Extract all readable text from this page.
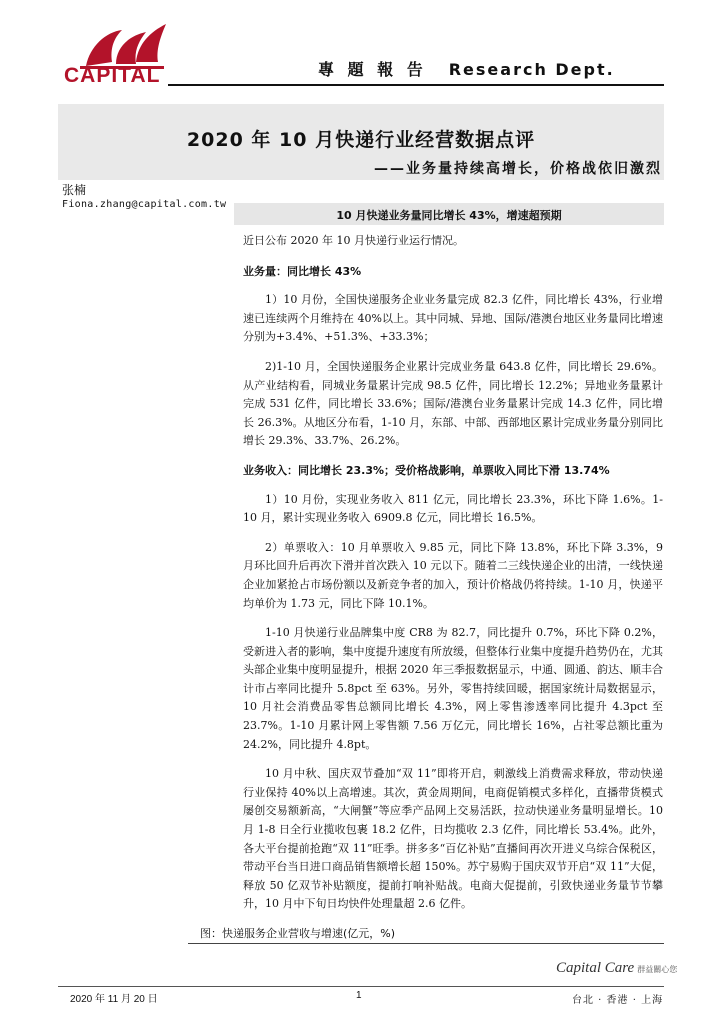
CAPITAL	專 題 報 告 Research Dept.
2020 年 10 月快递行业经营数据点评
——业务量持续高增长，价格战依旧激烈
张楠
Fiona.zhang@capital.com.tw
10 月快递业务量同比增长 43%，增速超预期

近日公布 2020 年 10 月快递行业运行情况。

业务量：同比增长 43%

1）10 月份，全国快递服务企业业务量完成 82.3 亿件，同比增长 43%，行业增速已连续两个月维持在 40%以上。其中同城、异地、国际/港澳台地区业务量同比增速分别为+3.4%、+51.3%、+33.3%；

2)1-10 月，全国快递服务企业累计完成业务量 643.8 亿件，同比增长 29.6%。从产业结构看，同城业务量累计完成 98.5 亿件，同比增长 12.2%；异地业务量累计完成 531 亿件，同比增长 33.6%；国际/港澳台业务量累计完成 14.3 亿件，同比增长 26.3%。从地区分布看，1-10 月，东部、中部、西部地区累计完成业务量分别同比增长 29.3%、33.7%、26.2%。

业务收入：同比增长 23.3%；受价格战影响，单票收入同比下滑 13.74%

1）10 月份，实现业务收入 811 亿元，同比增长 23.3%，环比下降 1.6%。1-10 月，累计实现业务收入 6909.8 亿元，同比增长 16.5%。

2）单票收入：10 月单票收入 9.85 元，同比下降 13.8%，环比下降 3.3%，9 月环比回升后再次下滑并首次跌入 10 元以下。随着二三线快递企业的出清，一线快递企业加紧抢占市场份额以及新竞争者的加入，预计价格战仍将持续。1-10 月，快递平均单价为 1.73 元，同比下降 10.1%。

1-10 月快递行业品牌集中度 CR8 为 82.7，同比提升 0.7%，环比下降 0.2%，受新进入者的影响，集中度提升速度有所放缓，但整体行业集中度提升趋势仍在，尤其头部企业集中度明显提升，根据 2020 年三季报数据显示，中通、圆通、韵达、顺丰合计市占率同比提升 5.8pct 至 63%。另外，零售持续回暖，据国家统计局数据显示，10 月社会消费品零售总额同比增长 4.3%，网上零售渗透率同比提升 4.3pct 至 23.7%。1-10 月累计网上零售额 7.56 万亿元，同比增长 16%，占社零总额比重为 24.2%，同比提升 4.8pt。

10 月中秋、国庆双节叠加“双 11”即将开启，刺激线上消费需求释放，带动快递行业保持 40%以上高增速。其次，黄金周期间，电商促销模式多样化，直播带货模式屡创交易额新高，“大闸蟹”等应季产品网上交易活跃，拉动快递业务量明显增长。10 月 1-8 日全行业揽收包裹 18.2 亿件，日均揽收 2.3 亿件，同比增长 53.4%。此外，各大平台提前抢跑“双 11”旺季。拼多多“百亿补贴”直播间再次开进义乌综合保税区，带动平台当日进口商品销售额增长超 150%。苏宁易购于国庆双节开启“双 11”大促，释放 50 亿双节补贴额度，提前打响补贴战。电商大促提前，引致快递业务量节节攀升，10 月中下旬日均快件处理量超 2.6 亿件。

图：快递服务企业营收与增速(亿元，%)
Capital Care 群益關心您
2020 年 11 月 20 日	1	台北 · 香港 · 上海
